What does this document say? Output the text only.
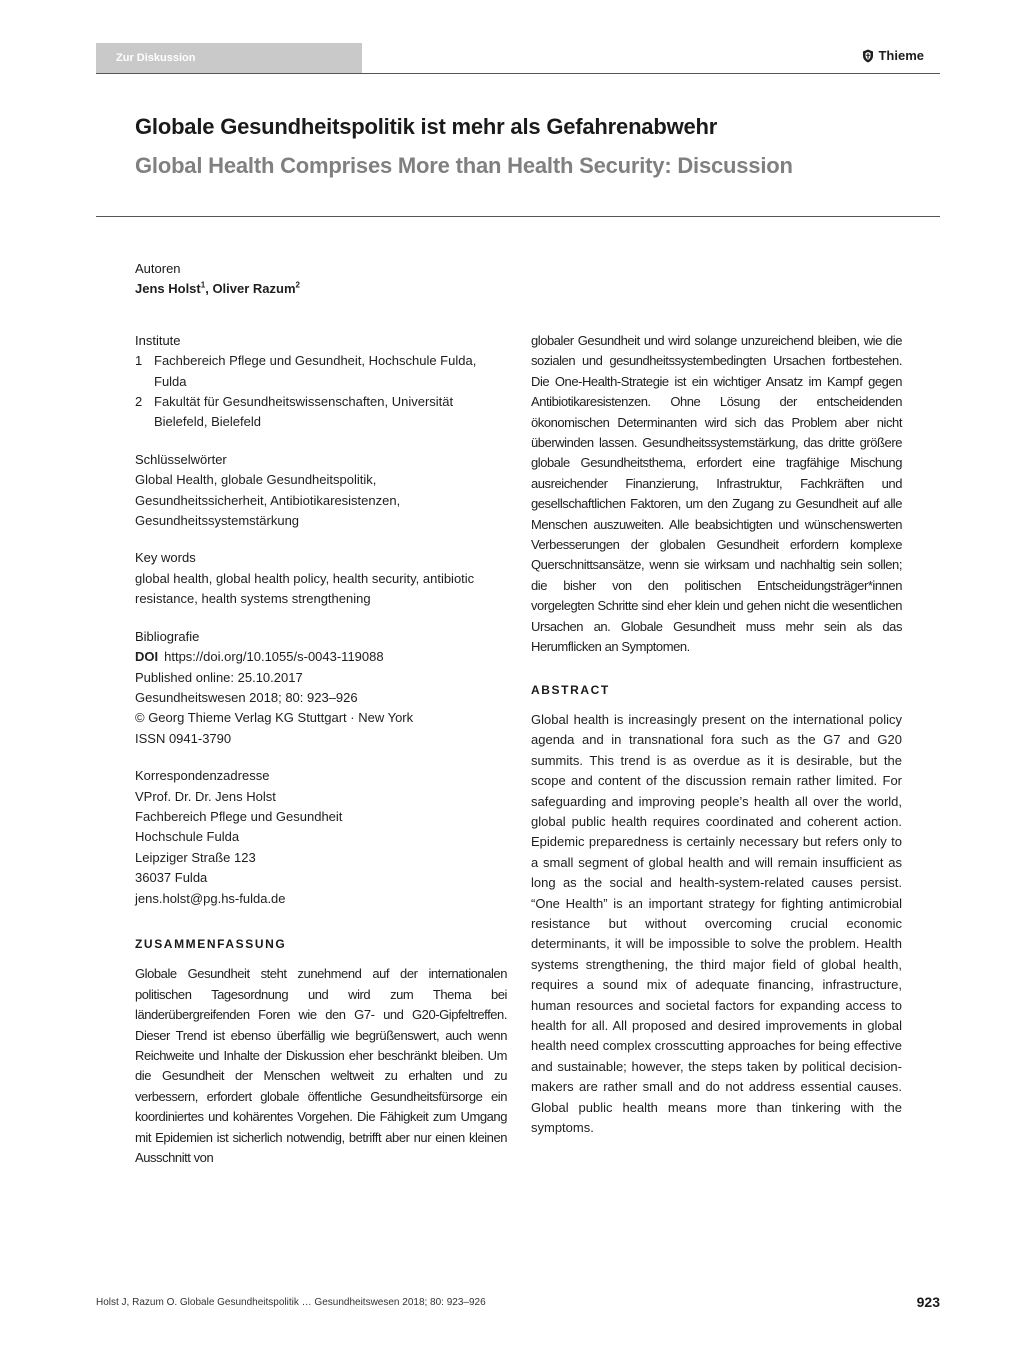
Zur Diskussion	Thieme
Globale Gesundheitspolitik ist mehr als Gefahrenabwehr
Global Health Comprises More than Health Security: Discussion
Autoren
Jens Holst$^1$, Oliver Razum$^2$
Institute
1 Fachbereich Pflege und Gesundheit, Hochschule Fulda, Fulda
2 Fakultät für Gesundheitswissenschaften, Universität Bielefeld, Bielefeld
Schlüsselwörter
Global Health, globale Gesundheitspolitik, Gesundheitssicherheit, Antibiotikaresistenzen, Gesundheitssystemstärkung
Key words
global health, global health policy, health security, antibiotic resistance, health systems strengthening
Bibliografie
DOI https://doi.org/10.1055/s-0043-119088
Published online: 25.10.2017
Gesundheitswesen 2018; 80: 923–926
© Georg Thieme Verlag KG Stuttgart · New York
ISSN 0941-3790
Korrespondenzadresse
VProf. Dr. Dr. Jens Holst
Fachbereich Pflege und Gesundheit
Hochschule Fulda
Leipziger Straße 123
36037 Fulda
jens.holst@pg.hs-fulda.de
ZUSAMMENFASSUNG

Globale Gesundheit steht zunehmend auf der internationalen politischen Tagesordnung und wird zum Thema bei länderübergreifenden Foren wie den G7- und G20-Gipfeltreffen. Dieser Trend ist ebenso überfällig wie begrüßenswert, auch wenn Reichweite und Inhalte der Diskussion eher beschränkt bleiben. Um die Gesundheit der Menschen weltweit zu erhalten und zu verbessern, erfordert globale öffentliche Gesundheitsfürsorge ein koordiniertes und kohärentes Vorgehen. Die Fähigkeit zum Umgang mit Epidemien ist sicherlich notwendig, betrifft aber nur einen kleinen Ausschnitt von

globaler Gesundheit und wird solange unzureichend bleiben, wie die sozialen und gesundheitssystembedingten Ursachen fortbestehen. Die One-Health-Strategie ist ein wichtiger Ansatz im Kampf gegen Antibiotikaresistenzen. Ohne Lösung der entscheidenden ökonomischen Determinanten wird sich das Problem aber nicht überwinden lassen. Gesundheitssystemstärkung, das dritte größere globale Gesundheitsthema, erfordert eine tragfähige Mischung ausreichender Finanzierung, Infrastruktur, Fachkräften und gesellschaftlichen Faktoren, um den Zugang zu Gesundheit auf alle Menschen auszuweiten. Alle beabsichtigten und wünschenswerten Verbesserungen der globalen Gesundheit erfordern komplexe Querschnittsansätze, wenn sie wirksam und nachhaltig sein sollen; die bisher von den politischen Entscheidungsträger*innen vorgelegten Schritte sind eher klein und gehen nicht die wesentlichen Ursachen an. Globale Gesundheit muss mehr sein als das Herumflicken an Symptomen.

ABSTRACT

Global health is increasingly present on the international policy agenda and in transnational fora such as the G7 and G20 summits. This trend is as overdue as it is desirable, but the scope and content of the discussion remain rather limited. For safeguarding and improving people’s health all over the world, global public health requires coordinated and coherent action. Epidemic preparedness is certainly necessary but refers only to a small segment of global health and will remain insufficient as long as the social and health-system-related causes persist. “One Health” is an important strategy for fighting antimicrobial resistance but without overcoming crucial economic determinants, it will be impossible to solve the problem. Health systems strengthening, the third major field of global health, requires a sound mix of adequate financing, infrastructure, human resources and societal factors for expanding access to health for all. All proposed and desired improvements in global health need complex crosscutting approaches for being effective and sustainable; however, the steps taken by political decision-makers are rather small and do not address essential causes. Global public health means more than tinkering with the symptoms.

Holst J, Razum O. Globale Gesundheitspolitik … Gesundheitswesen 2018; 80: 923–926	923
